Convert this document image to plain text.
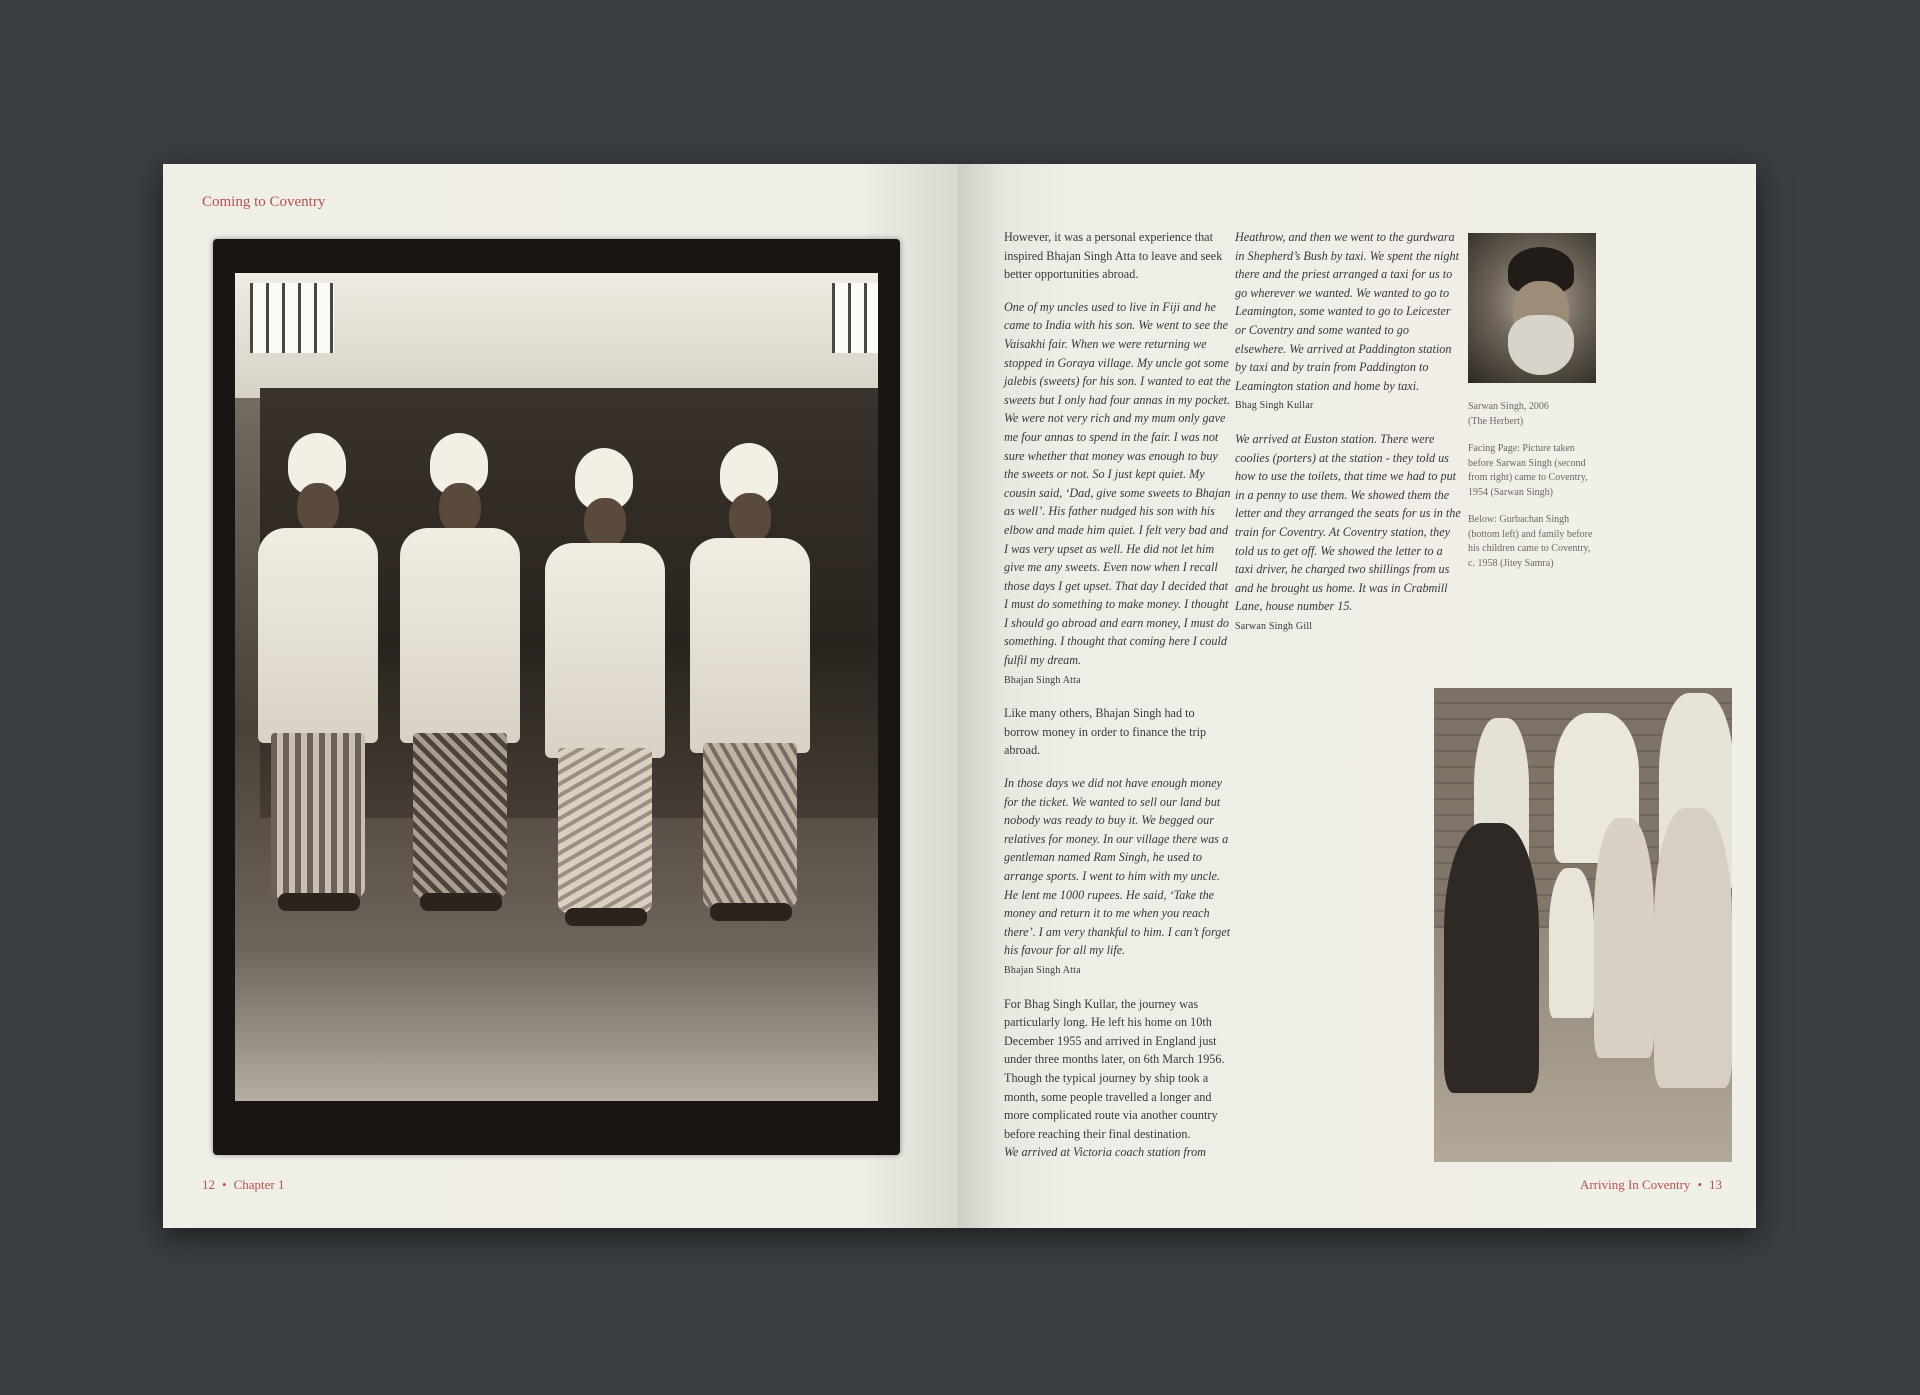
Coming to Coventry
12 • Chapter 1

However, it was a personal experience that inspired Bhajan Singh Atta to leave and seek better opportunities abroad.

One of my uncles used to live in Fiji and he came to India with his son. We went to see the Vaisakhi fair. When we were returning we stopped in Goraya village. My uncle got some jalebis (sweets) for his son. I wanted to eat the sweets but I only had four annas in my pocket. We were not very rich and my mum only gave me four annas to spend in the fair. I was not sure whether that money was enough to buy the sweets or not. So I just kept quiet. My cousin said, ‘Dad, give some sweets to Bhajan as well’. His father nudged his son with his elbow and made him quiet. I felt very bad and I was very upset as well. He did not let him give me any sweets. Even now when I recall those days I get upset. That day I decided that I must do something to make money. I thought I should go abroad and earn money, I must do something. I thought that coming here I could fulfil my dream.

Bhajan Singh Atta

Like many others, Bhajan Singh had to borrow money in order to finance the trip abroad.

In those days we did not have enough money for the ticket. We wanted to sell our land but nobody was ready to buy it. We begged our relatives for money. In our village there was a gentleman named Ram Singh, he used to arrange sports. I went to him with my uncle. He lent me 1000 rupees. He said, ‘Take the money and return it to me when you reach there’. I am very thankful to him. I can’t forget his favour for all my life.

Bhajan Singh Atta

For Bhag Singh Kullar, the journey was particularly long. He left his home on 10th December 1955 and arrived in England just under three months later, on 6th March 1956. Though the typical journey by ship took a month, some people travelled a longer and more complicated route via another country before reaching their final destination.

We arrived at Victoria coach station from

Heathrow, and then we went to the gurdwara in Shepherd’s Bush by taxi. We spent the night there and the priest arranged a taxi for us to go wherever we wanted. We wanted to go to Leamington, some wanted to go to Leicester or Coventry and some wanted to go elsewhere. We arrived at Paddington station by taxi and by train from Paddington to Leamington station and home by taxi.

Bhag Singh Kullar

We arrived at Euston station. There were coolies (porters) at the station - they told us how to use the toilets, that time we had to put in a penny to use them. We showed them the letter and they arranged the seats for us in the train for Coventry. At Coventry station, they told us to get off. We showed the letter to a taxi driver, he charged two shillings from us and he brought us home. It was in Crabmill Lane, house number 15.

Sarwan Singh Gill

Sarwan Singh, 2006
(The Herbert)

Facing Page: Picture taken before Sarwan Singh (second from right) came to Coventry, 1954 (Sarwan Singh)

Below: Gurbachan Singh (bottom left) and family before his children came to Coventry, c. 1958 (Jitey Samra)

Arriving In Coventry • 13
